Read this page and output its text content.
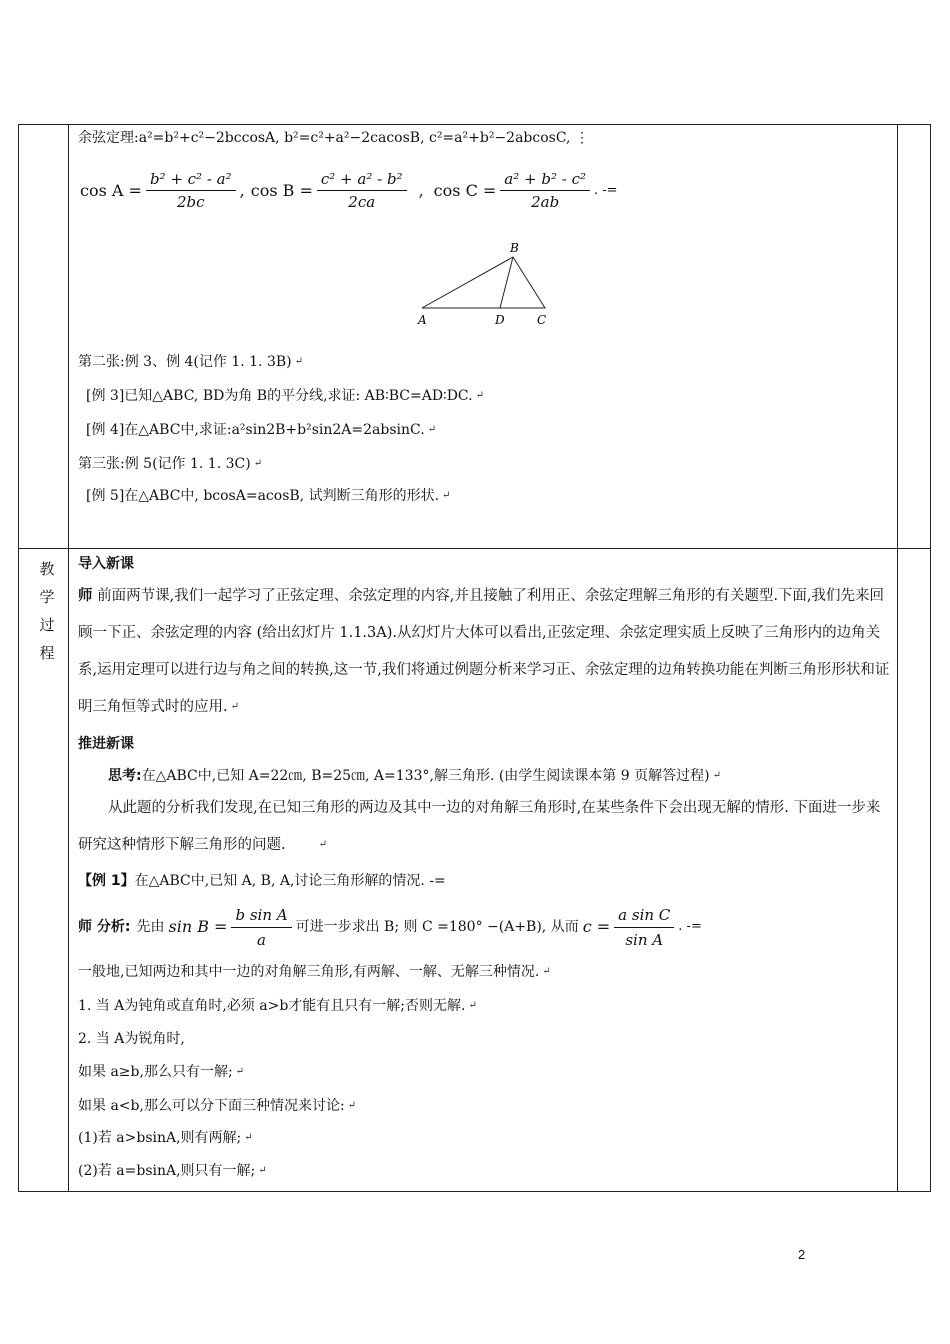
余弦定理:a²=b²+c²−2bccosA, b²=c²+a²−2cacosB, c²=a²+b²−2abcosC, ⋮
$\cos A = \frac{\text{b² + c² - a²}}{2bc}$ , $\cos B = \frac{\text{c² + a² - b²}}{2ca}$ , $\cos C = \frac{\text{a² + b² - c²}}{2ab}$ . -=
B
A	D	C
第二张:例 3、例 4(记作 1. 1. 3B) ↵
[例 3]已知△ABC, BD为角 B的平分线,求证: AB∶BC=AD∶DC. ↵
[例 4]在△ABC中,求证:a²sin2B+b²sin2A=2absinC. ↵
第三张:例 5(记作 1. 1. 3C) ↵
[例 5]在△ABC中, bcosA=acosB, 试判断三角形的形状. ↵
教
学
过
程
导入新课
师 前面两节课,我们一起学习了正弦定理、余弦定理的内容,并且接触了利用正、余弦定理解三角形的有关题型.下面,我们先来回顾一下正、余弦定理的内容 (给出幻灯片 1.1.3A).从幻灯片大体可以看出,正弦定理、余弦定理实质上反映了三角形内的边角关系,运用定理可以进行边与角之间的转换,这一节,我们将通过例题分析来学习正、余弦定理的边角转换功能在判断三角形形状和证明三角恒等式时的应用. ↵
推进新课
思考:在△ABC中,已知 A=22㎝, B=25㎝, A=133°,解三角形. (由学生阅读课本第 9 页解答过程) ↵
从此题的分析我们发现,在已知三角形的两边及其中一边的对角解三角形时,在某些条件下会出现无解的情形. 下面进一步来研究这种情形下解三角形的问题.	↵
【例 1】在△ABC中,已知 A, B, A,讨论三角形解的情况. -=
师 分析: 先由 $\sin B = \frac{\text{b sin A}}{a}$ 可进一步求出 B; 则 C =180° −(A+B), 从而 $c = \frac{\text{a sin C}}{\text{sin A}}$ . -=
一般地,已知两边和其中一边的对角解三角形,有两解、一解、无解三种情况. ↵
1. 当 A为钝角或直角时,必须 a>b才能有且只有一解;否则无解. ↵
2. 当 A为锐角时,
如果 a≥b,那么只有一解; ↵
如果 a<b,那么可以分下面三种情况来讨论: ↵
(1)若 a>bsinA,则有两解; ↵
(2)若 a=bsinA,则只有一解; ↵
2
